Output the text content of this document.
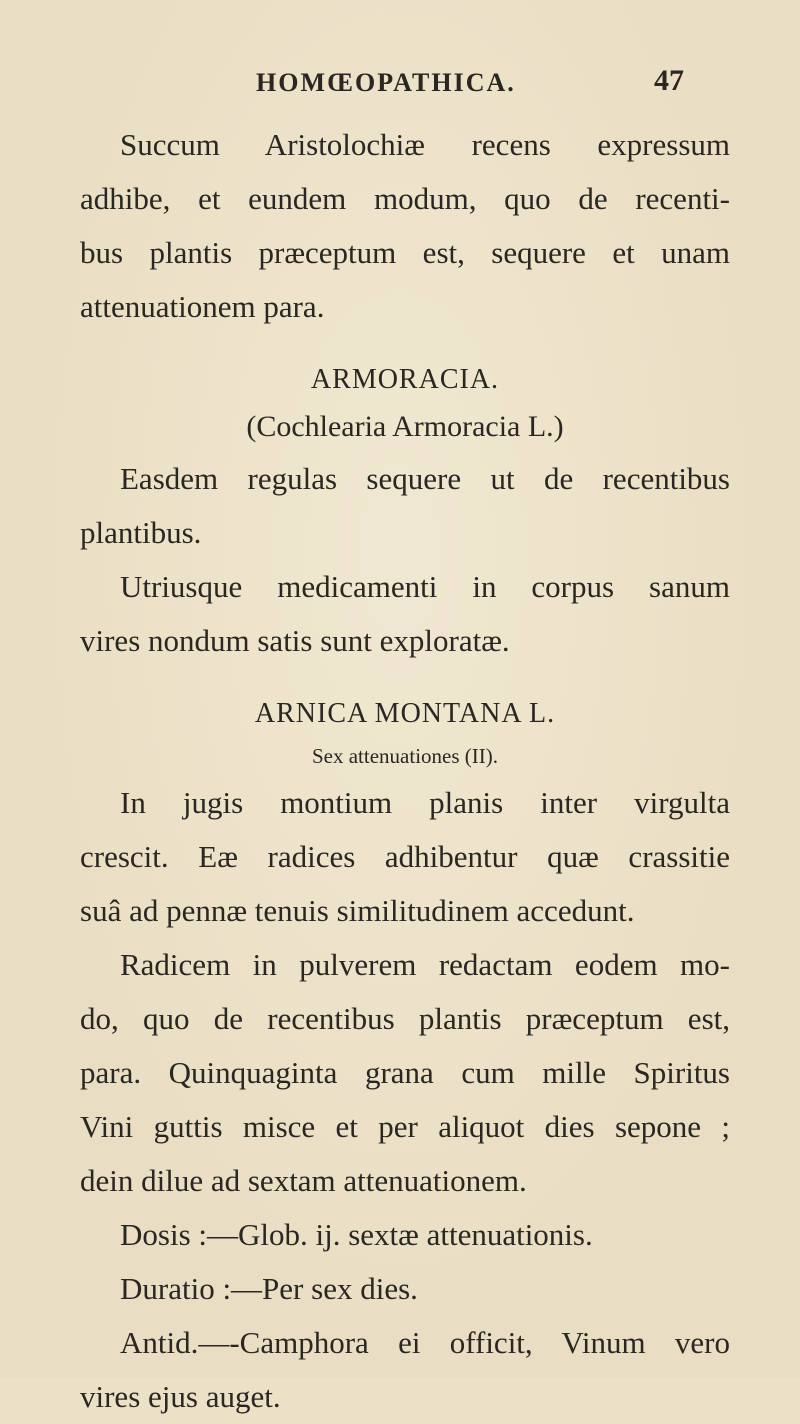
HOMŒOPATHICA.	47
Succum Aristolochiæ recens expressum
adhibe, et eundem modum, quo de recenti-
bus plantis præceptum est, sequere et unam
attenuationem para.
ARMORACIA.
(Cochlearia Armoracia L.)
Easdem regulas sequere ut de recentibus
plantibus.
Utriusque medicamenti in corpus sanum
vires nondum satis sunt exploratæ.
ARNICA MONTANA L.
Sex attenuationes (II).
In jugis montium planis inter virgulta
crescit. Eæ radices adhibentur quæ crassitie
suâ ad pennæ tenuis similitudinem accedunt.
Radicem in pulverem redactam eodem mo-
do, quo de recentibus plantis præceptum est,
para. Quinquaginta grana cum mille Spiritus
Vini guttis misce et per aliquot dies sepone ;
dein dilue ad sextam attenuationem.
Dosis :—Glob. ij. sextæ attenuationis.
Duratio :—Per sex dies.
Antid.—-Camphora ei officit, Vinum vero
vires ejus auget.
